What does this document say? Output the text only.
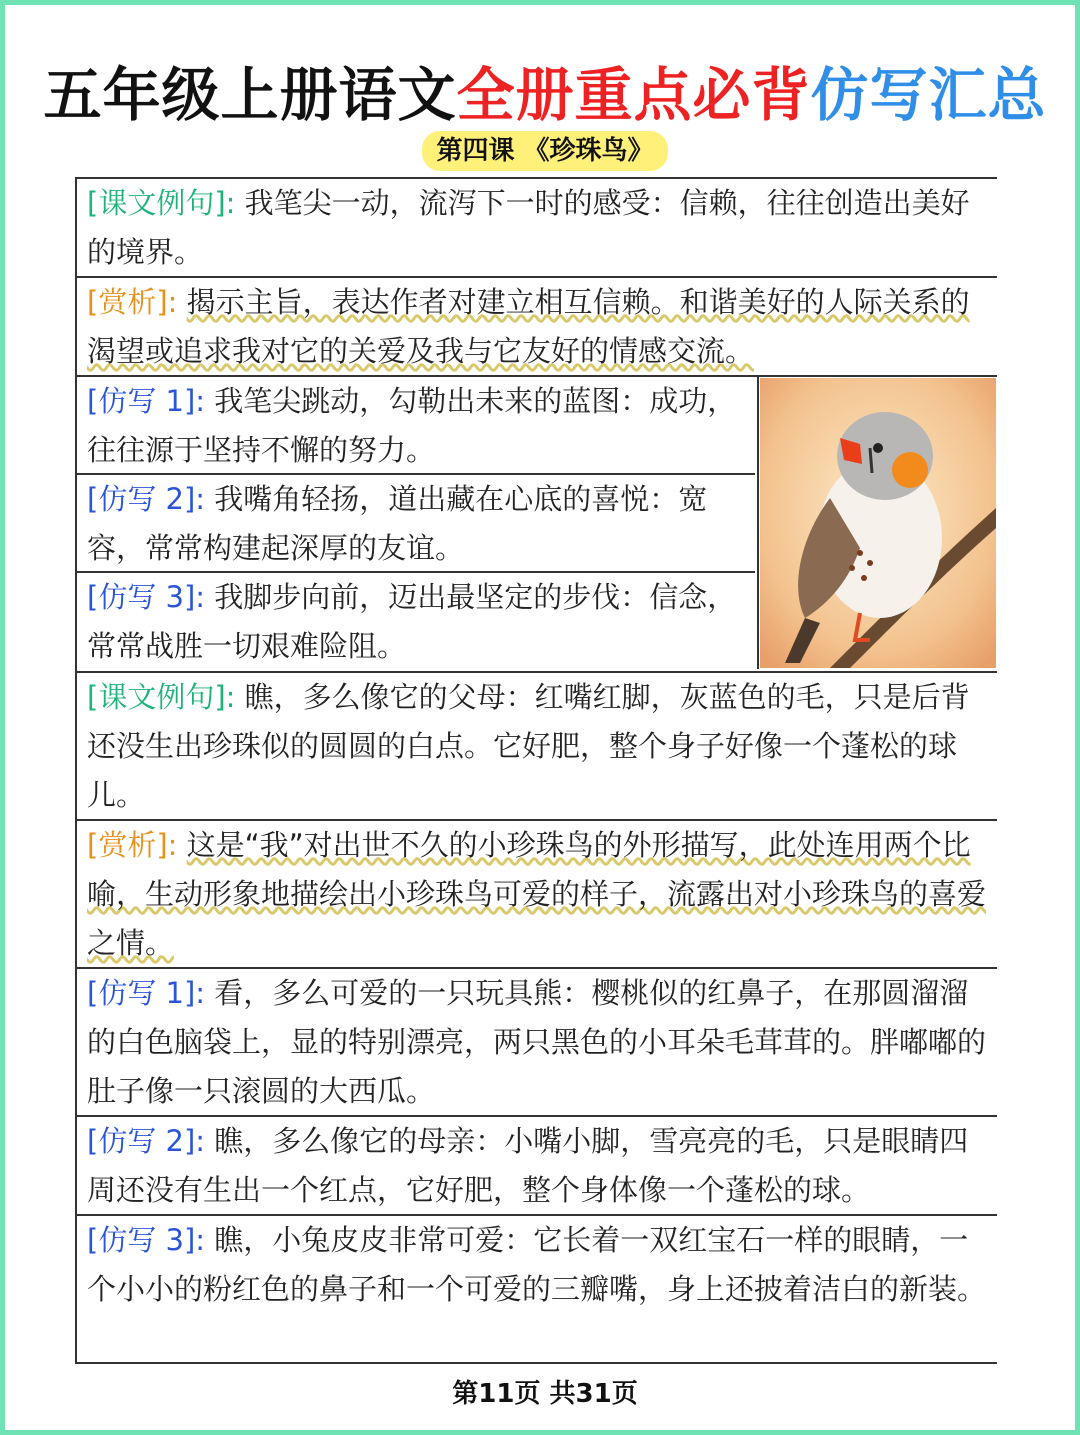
五年级上册语文全册重点必背仿写汇总
第四课 《珍珠鸟》
[课文例句]: 我笔尖一动，流泻下一时的感受：信赖，往往创造出美好的境界。
[赏析]: 揭示主旨，表达作者对建立相互信赖。和谐美好的人际关系的渴望或追求我对它的关爱及我与它友好的情感交流。
[仿写 1]: 我笔尖跳动，勾勒出未来的蓝图：成功，往往源于坚持不懈的努力。
[仿写 2]: 我嘴角轻扬，道出藏在心底的喜悦：宽容，常常构建起深厚的友谊。
[仿写 3]: 我脚步向前，迈出最坚定的步伐：信念，常常战胜一切艰难险阻。
[课文例句]: 瞧，多么像它的父母：红嘴红脚，灰蓝色的毛，只是后背还没生出珍珠似的圆圆的白点。它好肥，整个身子好像一个蓬松的球儿。
[赏析]: 这是“我”对出世不久的小珍珠鸟的外形描写，此处连用两个比喻，生动形象地描绘出小珍珠鸟可爱的样子，流露出对小珍珠鸟的喜爱之情。
[仿写 1]: 看，多么可爱的一只玩具熊：樱桃似的红鼻子，在那圆溜溜的白色脑袋上，显的特别漂亮，两只黑色的小耳朵毛茸茸的。胖嘟嘟的肚子像一只滚圆的大西瓜。
[仿写 2]: 瞧，多么像它的母亲：小嘴小脚，雪亮亮的毛，只是眼睛四周还没有生出一个红点，它好肥，整个身体像一个蓬松的球。
[仿写 3]: 瞧，小兔皮皮非常可爱：它长着一双红宝石一样的眼睛，一个小小的粉红色的鼻子和一个可爱的三瓣嘴，身上还披着洁白的新装。
第11页 共31页
